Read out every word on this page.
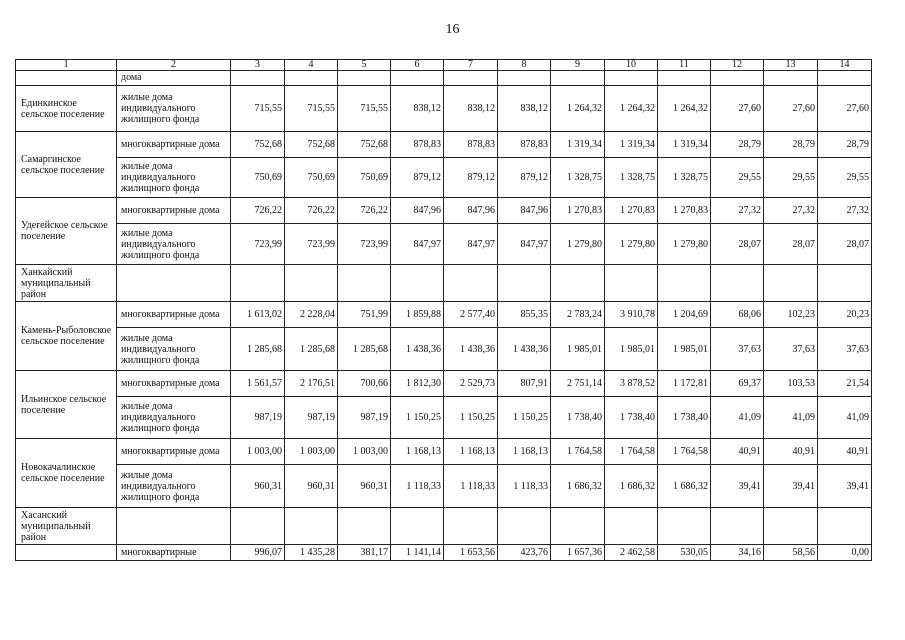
16
1	2	3	4	5	6	7	8	9	10	11	12	13	14
	дома												
Единкинское сельское поселение	жилые дома индивидуального жилищного фонда	715,55	715,55	715,55	838,12	838,12	838,12	1 264,32	1 264,32	1 264,32	27,60	27,60	27,60
Самаргинское сельское поселение	многоквартирные дома	752,68	752,68	752,68	878,83	878,83	878,83	1 319,34	1 319,34	1 319,34	28,79	28,79	28,79
	жилые дома индивидуального жилищного фонда	750,69	750,69	750,69	879,12	879,12	879,12	1 328,75	1 328,75	1 328,75	29,55	29,55	29,55
Удегейское сельское поселение	многоквартирные дома	726,22	726,22	726,22	847,96	847,96	847,96	1 270,83	1 270,83	1 270,83	27,32	27,32	27,32
	жилые дома индивидуального жилищного фонда	723,99	723,99	723,99	847,97	847,97	847,97	1 279,80	1 279,80	1 279,80	28,07	28,07	28,07
Ханкайский муниципальный район													
Камень-Рыболовское сельское поселение	многоквартирные дома	1 613,02	2 228,04	751,99	1 859,88	2 577,40	855,35	2 783,24	3 910,78	1 204,69	68,06	102,23	20,23
	жилые дома индивидуального жилищного фонда	1 285,68	1 285,68	1 285,68	1 438,36	1 438,36	1 438,36	1 985,01	1 985,01	1 985,01	37,63	37,63	37,63
Ильинское сельское поселение	многоквартирные дома	1 561,57	2 176,51	700,66	1 812,30	2 529,73	807,91	2 751,14	3 878,52	1 172,81	69,37	103,53	21,54
	жилые дома индивидуального жилищного фонда	987,19	987,19	987,19	1 150,25	1 150,25	1 150,25	1 738,40	1 738,40	1 738,40	41,09	41,09	41,09
Новокачалинское сельское поселение	многоквартирные дома	1 003,00	1 003,00	1 003,00	1 168,13	1 168,13	1 168,13	1 764,58	1 764,58	1 764,58	40,91	40,91	40,91
	жилые дома индивидуального жилищного фонда	960,31	960,31	960,31	1 118,33	1 118,33	1 118,33	1 686,32	1 686,32	1 686,32	39,41	39,41	39,41
Хасанский муниципальный район													
	многоквартирные	996,07	1 435,28	381,17	1 141,14	1 653,56	423,76	1 657,36	2 462,58	530,05	34,16	58,56	0,00
